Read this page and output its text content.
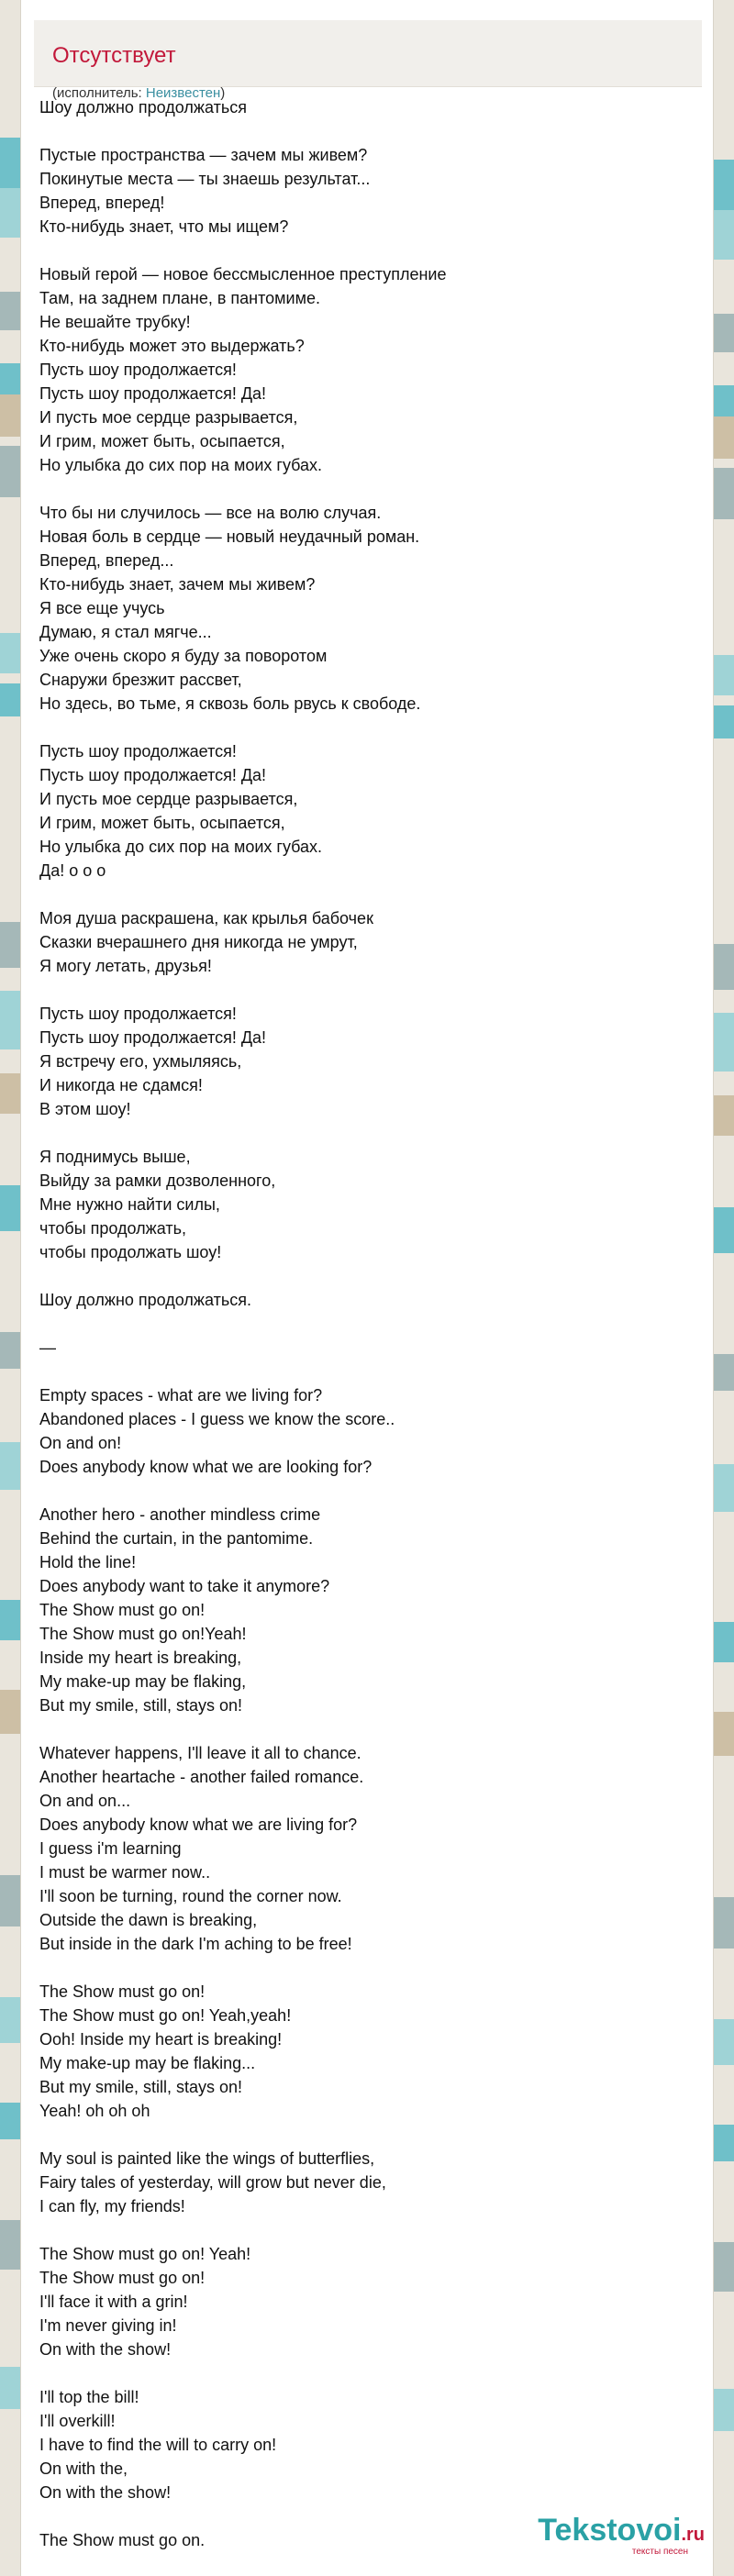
Отсутствует
(исполнитель: Неизвестен)

Шоу должно продолжаться

Пустые пространства — зачем мы живем?
Покинутые места — ты знаешь результат...
Вперед, вперед!
Кто-нибудь знает, что мы ищем?

Новый герой — новое бессмысленное преступление
Там, на заднем плане, в пантомиме.
Не вешайте трубку!
Кто-нибудь может это выдержать?
Пусть шоу продолжается!
Пусть шоу продолжается! Да!
И пусть мое сердце разрывается,
И грим, может быть, осыпается,
Но улыбка до сих пор на моих губах.

Что бы ни случилось — все на волю случая.
Новая боль в сердце — новый неудачный роман.
Вперед, вперед...
Кто-нибудь знает, зачем мы живем?
Я все еще учусь
Думаю, я стал мягче...
Уже очень скоро я буду за поворотом
Снаружи брезжит рассвет,
Но здесь, во тьме, я сквозь боль рвусь к свободе.

Пусть шоу продолжается!
Пусть шоу продолжается! Да!
И пусть мое сердце разрывается,
И грим, может быть, осыпается,
Но улыбка до сих пор на моих губах.
Да! о о о

Моя душа раскрашена, как крылья бабочек
Сказки вчерашнего дня никогда не умрут,
Я могу летать, друзья!

Пусть шоу продолжается!
Пусть шоу продолжается! Да!
Я встречу его, ухмыляясь,
И никогда не сдамся!
В этом шоу!

Я поднимусь выше,
Выйду за рамки дозволенного,
Мне нужно найти силы,
чтобы продолжать,
чтобы продолжать шоу!

Шоу должно продолжаться.

—

Empty spaces - what are we living for?
Abandoned places - I guess we know the score..
On and on!
Does anybody know what we are looking for?

Another hero - another mindless crime
Behind the curtain, in the pantomime.
Hold the line!
Does anybody want to take it anymore?
The Show must go on!
The Show must go on!Yeah!
Inside my heart is breaking,
My make-up may be flaking,
But my smile, still, stays on!

Whatever happens, I'll leave it all to chance.
Another heartache - another failed romance.
On and on...
Does anybody know what we are living for?
I guess i'm learning
I must be warmer now..
I'll soon be turning, round the corner now.
Outside the dawn is breaking,
But inside in the dark I'm aching to be free!

The Show must go on!
The Show must go on! Yeah,yeah!
Ooh! Inside my heart is breaking!
My make-up may be flaking...
But my smile, still, stays on!
Yeah! oh oh oh

My soul is painted like the wings of butterflies,
Fairy tales of yesterday, will grow but never die,
I can fly, my friends!

The Show must go on! Yeah!
The Show must go on!
I'll face it with a grin!
I'm never giving in!
On with the show!

I'll top the bill!
I'll overkill!
I have to find the will to carry on!
On with the,
On with the show!

The Show must go on.	Tekstovoi.ru
тексты песен
